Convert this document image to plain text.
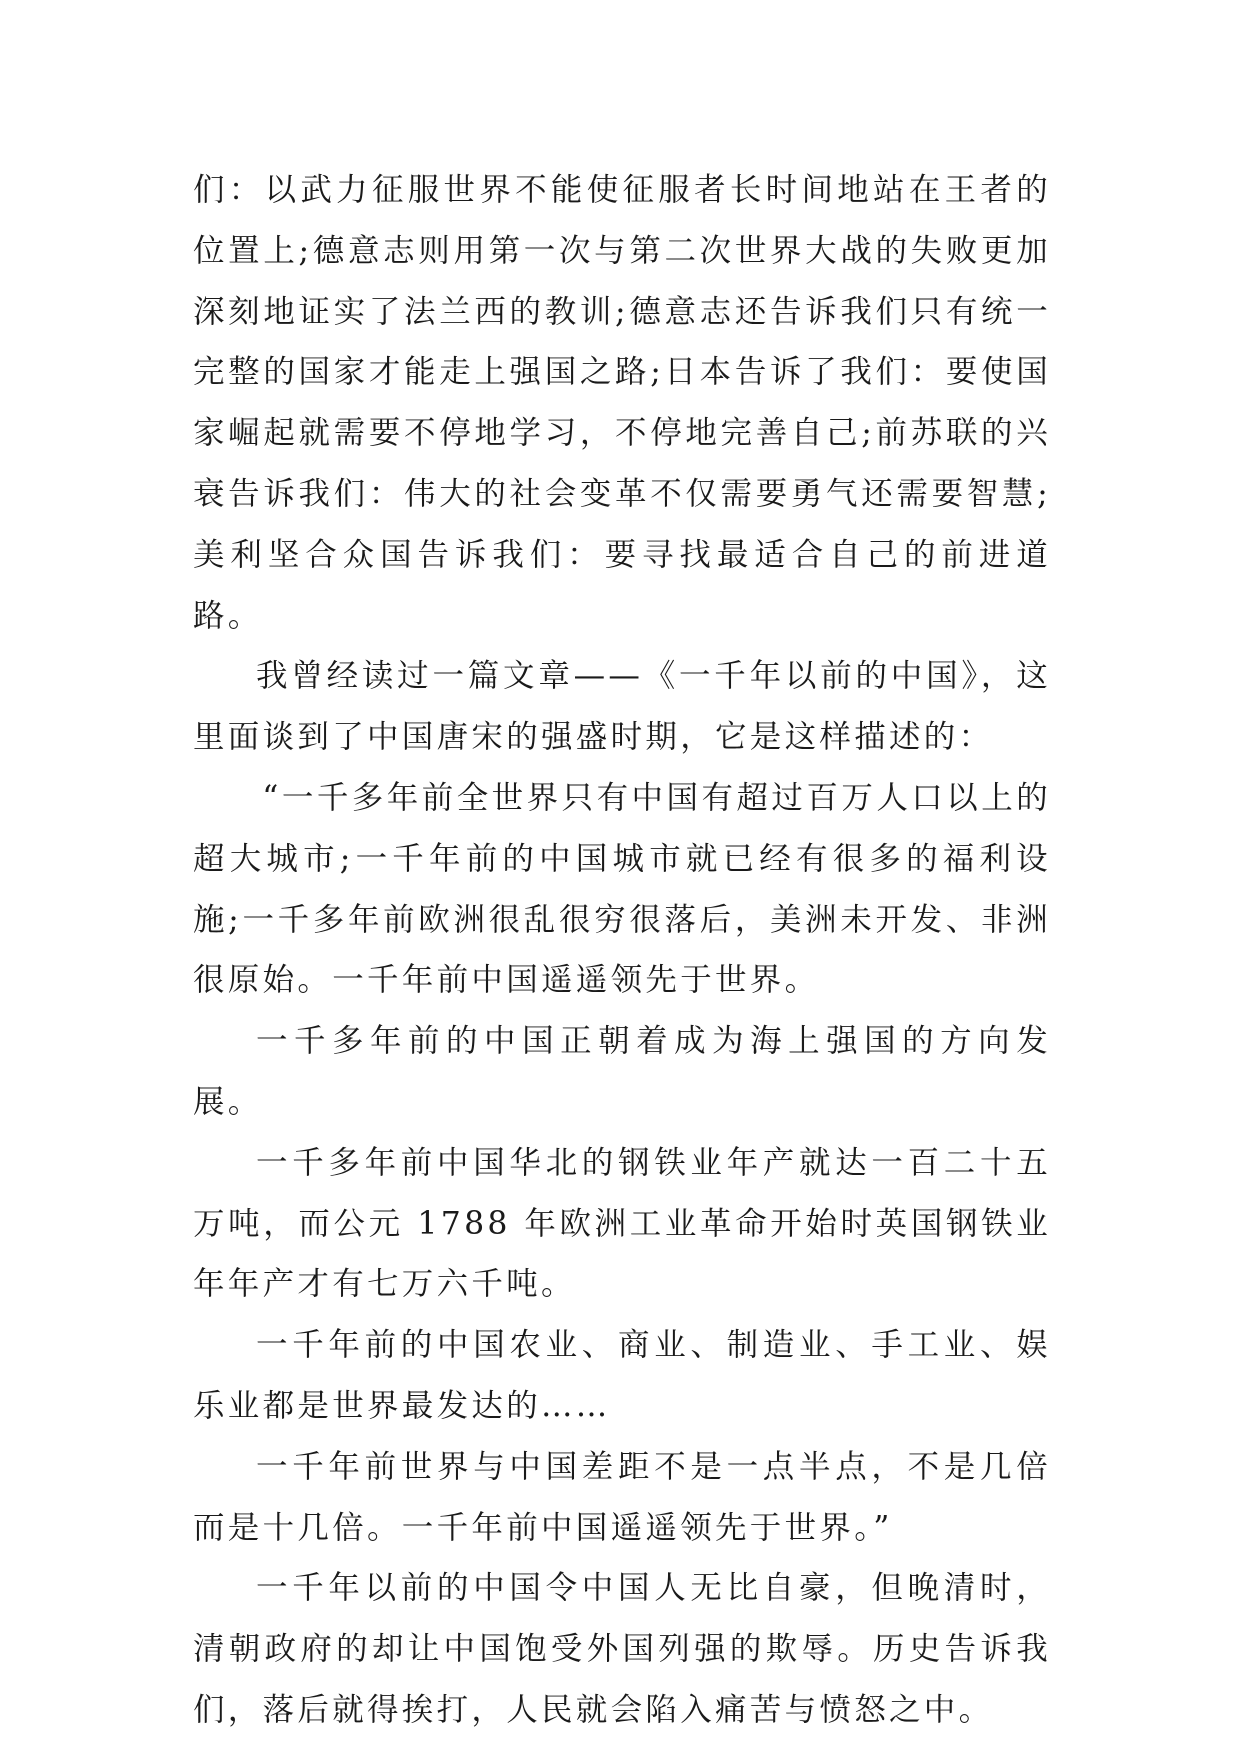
们：以武力征服世界不能使征服者长时间地站在王者的位置上;德意志则用第一次与第二次世界大战的失败更加深刻地证实了法兰西的教训;德意志还告诉我们只有统一完整的国家才能走上强国之路;日本告诉了我们：要使国家崛起就需要不停地学习，不停地完善自己;前苏联的兴衰告诉我们：伟大的社会变革不仅需要勇气还需要智慧;美利坚合众国告诉我们：要寻找最适合自己的前进道路。

我曾经读过一篇文章——《一千年以前的中国》，这里面谈到了中国唐宋的强盛时期，它是这样描述的：

“一千多年前全世界只有中国有超过百万人口以上的超大城市;一千年前的中国城市就已经有很多的福利设施;一千多年前欧洲很乱很穷很落后，美洲未开发、非洲很原始。一千年前中国遥遥领先于世界。

一千多年前的中国正朝着成为海上强国的方向发展。

一千多年前中国华北的钢铁业年产就达一百二十五万吨，而公元 1788 年欧洲工业革命开始时英国钢铁业年年产才有七万六千吨。

一千年前的中国农业、商业、制造业、手工业、娱乐业都是世界最发达的……

一千年前世界与中国差距不是一点半点，不是几倍而是十几倍。一千年前中国遥遥领先于世界。”

一千年以前的中国令中国人无比自豪，但晚清时，清朝政府的却让中国饱受外国列强的欺辱。历史告诉我们，落后就得挨打，人民就会陷入痛苦与愤怒之中。
